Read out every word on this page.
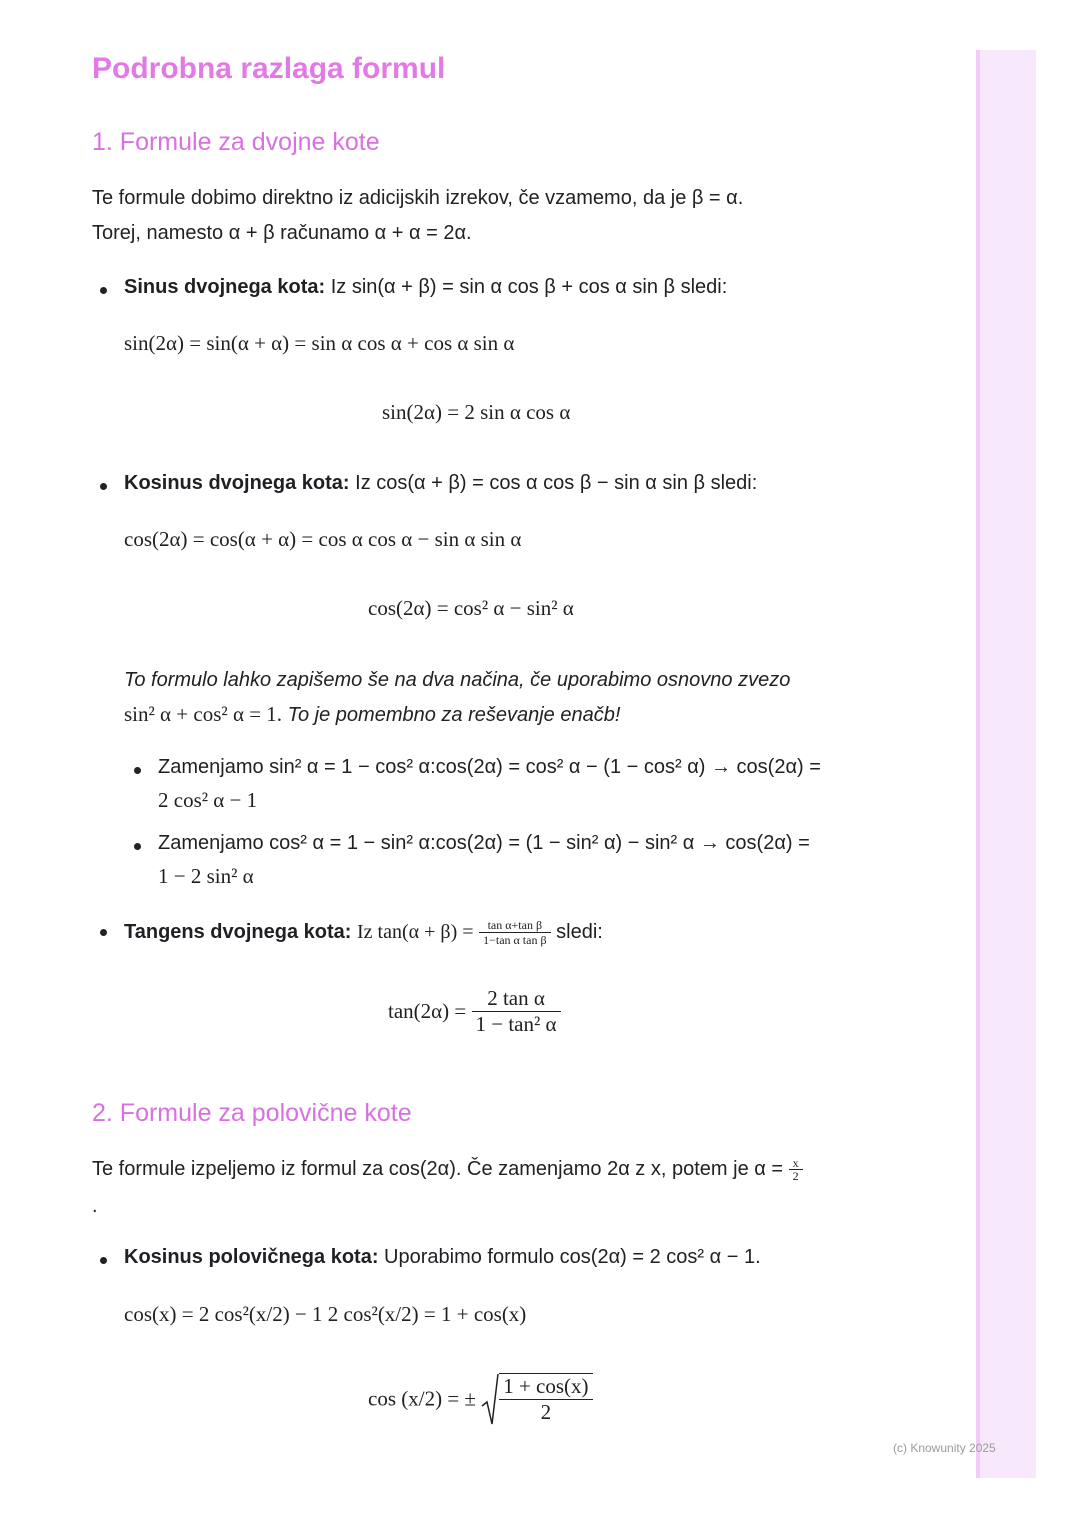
(c) Knowunity 2025
Podrobna razlaga formul
1. Formule za dvojne kote
Te formule dobimo direktno iz adicijskih izrekov, če vzamemo, da je β = α.
Torej, namesto α + β računamo α + α = 2α.
Sinus dvojnega kota: Iz sin(α + β) = sin α cos β + cos α sin β sledi:
sin(2α) = sin(α + α) = sin α cos α + cos α sin α
sin(2α) = 2 sin α cos α
Kosinus dvojnega kota: Iz cos(α + β) = cos α cos β − sin α sin β sledi:
cos(2α) = cos(α + α) = cos α cos α − sin α sin α
cos(2α) = cos² α − sin² α
To formulo lahko zapišemo še na dva načina, če uporabimo osnovno zvezo
sin² α + cos² α = 1. To je pomembno za reševanje enačb!
Zamenjamo sin² α = 1 − cos² α:cos(2α) = cos² α − (1 − cos² α) → cos(2α) =
2 cos² α − 1
Zamenjamo cos² α = 1 − sin² α:cos(2α) = (1 − sin² α) − sin² α → cos(2α) =
1 − 2 sin² α
Tangens dvojnega kota: Iz $\tan(\alpha + \beta) = \frac{\text{tan α+tan β}}{\text{1−tan α tan β}}$ sledi:
$\tan(2\alpha) = \frac{\text{2 tan α}}{\text{1 − tan² α}}$
2. Formule za polovične kote
Te formule izpeljemo iz formul za cos(2α). Če zamenjamo 2α z x, potem je $\alpha = \frac{x}{2}$
.
Kosinus polovičnega kota: Uporabimo formulo cos(2α) = 2 cos² α − 1.
cos(x) = 2 cos²(x/2) − 1 2 cos²(x/2) = 1 + cos(x)
cos (x/2) = ± $\frac{1 + \cos(x)}{2}$
